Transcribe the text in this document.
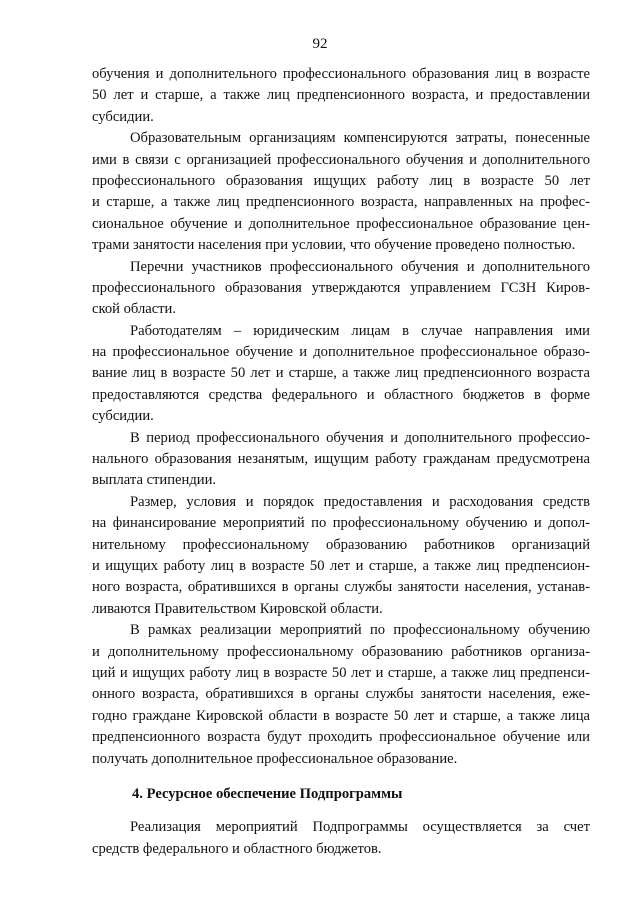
92
обучения и дополнительного профессионального образования лиц в возрасте
50 лет и старше, а также лиц предпенсионного возраста, и предоставлении
субсидии.
Образовательным организациям компенсируются затраты, понесенные
ими в связи с организацией профессионального обучения и дополнительного
профессионального образования ищущих работу лиц в возрасте 50 лет
и старше, а также лиц предпенсионного возраста, направленных на профес-
сиональное обучение и дополнительное профессиональное образование цен-
трами занятости населения при условии, что обучение проведено полностью.
Перечни участников профессионального обучения и дополнительного
профессионального образования утверждаются управлением ГСЗН Киров-
ской области.
Работодателям – юридическим лицам в случае направления ими
на профессиональное обучение и дополнительное профессиональное образо-
вание лиц в возрасте 50 лет и старше, а также лиц предпенсионного возраста
предоставляются средства федерального и областного бюджетов в форме
субсидии.
В период профессионального обучения и дополнительного профессио-
нального образования незанятым, ищущим работу гражданам предусмотрена
выплата стипендии.
Размер, условия и порядок предоставления и расходования средств
на финансирование мероприятий по профессиональному обучению и допол-
нительному профессиональному образованию работников организаций
и ищущих работу лиц в возрасте 50 лет и старше, а также лиц предпенсион-
ного возраста, обратившихся в органы службы занятости населения, устанав-
ливаются Правительством Кировской области.
В рамках реализации мероприятий по профессиональному обучению
и дополнительному профессиональному образованию работников организа-
ций и ищущих работу лиц в возрасте 50 лет и старше, а также лиц предпенси-
онного возраста, обратившихся в органы службы занятости населения, еже-
годно граждане Кировской области в возрасте 50 лет и старше, а также лица
предпенсионного возраста будут проходить профессиональное обучение или
получать дополнительное профессиональное образование.
4. Ресурсное обеспечение Подпрограммы
Реализация мероприятий Подпрограммы осуществляется за счет
средств федерального и областного бюджетов.
